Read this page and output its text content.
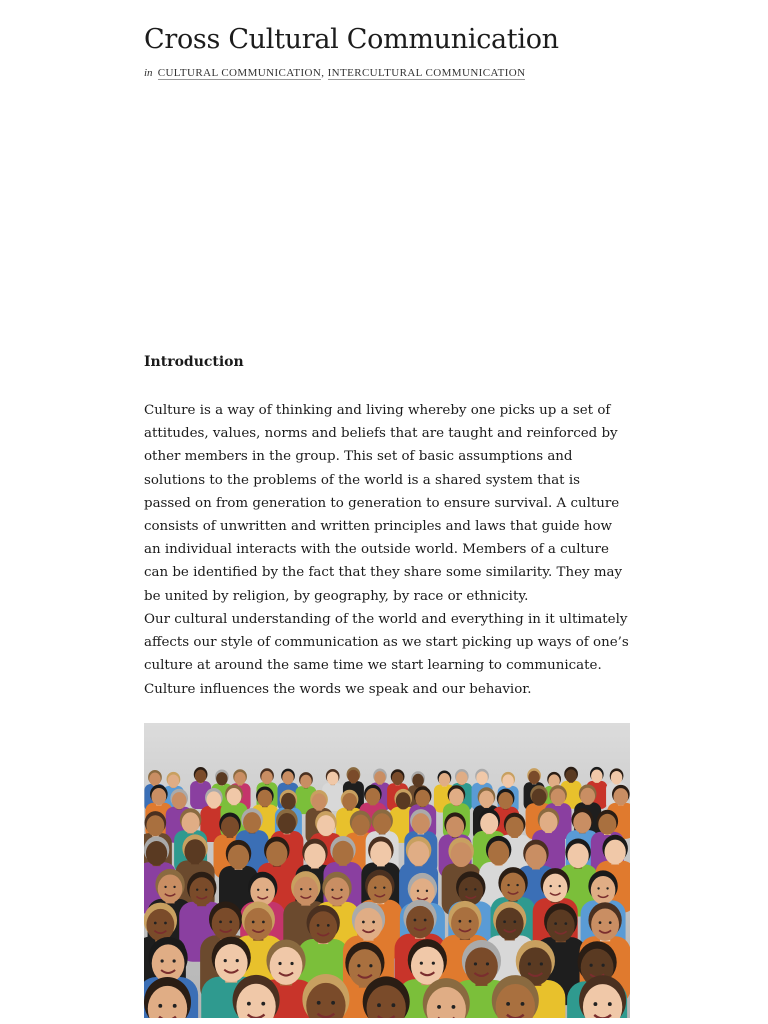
Cross Cultural Communication
in CULTURAL COMMUNICATION, INTERCULTURAL COMMUNICATION
Introduction

Culture is a way of thinking and living whereby one picks up a set of attitudes, values, norms and beliefs that are taught and reinforced by other members in the group. This set of basic assumptions and solutions to the problems of the world is a shared system that is passed on from generation to generation to ensure survival. A culture consists of unwritten and written principles and laws that guide how an individual interacts with the outside world. Members of a culture can be identified by the fact that they share some similarity. They may be united by religion, by geography, by race or ethnicity.

Our cultural understanding of the world and everything in it ultimately affects our style of communication as we start picking up ways of one’s culture at around the same time we start learning to communicate. Culture influences the words we speak and our behavior.
